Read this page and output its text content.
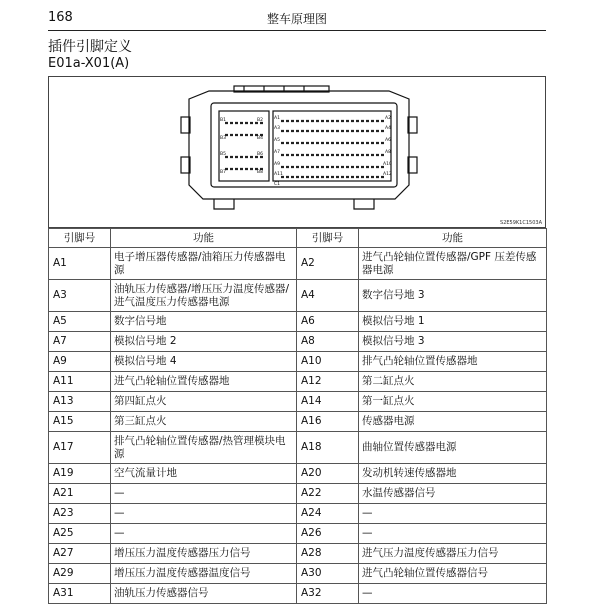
168	整车原理图
插件引脚定义
E01a-X01(A)
B1	B2
B3	B4
B5	B6
B7	B8
A1	A2
A3	A4
A5	A6
A7	A8
A9	A10
A11	A12
C1
S2E59K1C1503A
引脚号	功能	引脚号	功能
A1	电子增压器传感器/油箱压力传感器电源	A2	进气凸轮轴位置传感器/GPF 压差传感器电源
A3	油轨压力传感器/增压压力温度传感器/进气温度压力传感器电源	A4	数字信号地 3
A5	数字信号地	A6	模拟信号地 1
A7	模拟信号地 2	A8	模拟信号地 3
A9	模拟信号地 4	A10	排气凸轮轴位置传感器地
A11	进气凸轮轴位置传感器地	A12	第二缸点火
A13	第四缸点火	A14	第一缸点火
A15	第三缸点火	A16	传感器电源
A17	排气凸轮轴位置传感器/热管理模块电源	A18	曲轴位置传感器电源
A19	空气流量计地	A20	发动机转速传感器地
A21	—	A22	水温传感器信号
A23	—	A24	—
A25	—	A26	—
A27	增压压力温度传感器压力信号	A28	进气压力温度传感器压力信号
A29	增压压力温度传感器温度信号	A30	进气凸轮轴位置传感器信号
A31	油轨压力传感器信号	A32	—
